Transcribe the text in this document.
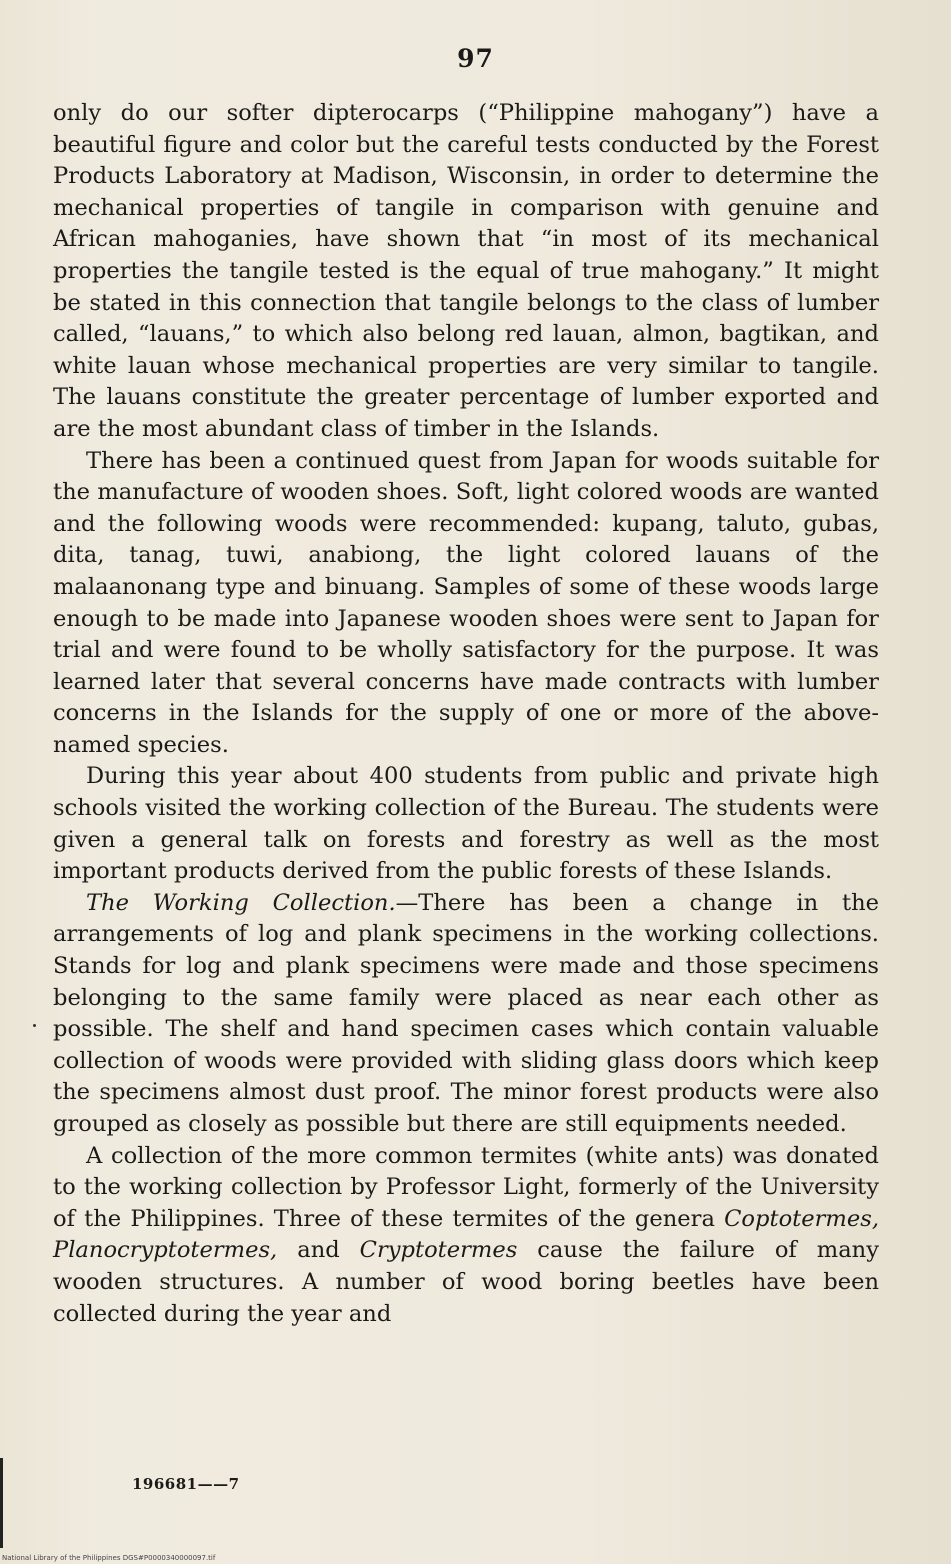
97

only do our softer dipterocarps (“Philippine mahogany”) have a beautiful figure and color but the careful tests conducted by the Forest Products Laboratory at Madison, Wisconsin, in order to determine the mechanical properties of tangile in comparison with genuine and African mahoganies, have shown that “in most of its mechanical properties the tangile tested is the equal of true mahogany.” It might be stated in this connection that tangile belongs to the class of lumber called, “lauans,” to which also belong red lauan, almon, bagtikan, and white lauan whose mechanical properties are very similar to tangile. The lauans constitute the greater percentage of lumber exported and are the most abundant class of timber in the Islands.

There has been a continued quest from Japan for woods suitable for the manufacture of wooden shoes. Soft, light colored woods are wanted and the following woods were recommended: kupang, taluto, gubas, dita, tanag, tuwi, anabiong, the light colored lauans of the malaanonang type and binuang. Samples of some of these woods large enough to be made into Japanese wooden shoes were sent to Japan for trial and were found to be wholly satisfactory for the purpose. It was learned later that several concerns have made contracts with lumber concerns in the Islands for the supply of one or more of the above-named species.

During this year about 400 students from public and private high schools visited the working collection of the Bureau. The students were given a general talk on forests and forestry as well as the most important products derived from the public forests of these Islands.

The Working Collection.—There has been a change in the arrangements of log and plank specimens in the working collections. Stands for log and plank specimens were made and those specimens belonging to the same family were placed as near each other as possible. The shelf and hand specimen cases which contain valuable collection of woods were provided with sliding glass doors which keep the specimens almost dust proof. The minor forest products were also grouped as closely as possible but there are still equipments needed.

A collection of the more common termites (white ants) was donated to the working collection by Professor Light, formerly of the University of the Philippines. Three of these termites of the genera Coptotermes, Planocryptotermes, and Cryptotermes cause the failure of many wooden structures. A number of wood boring beetles have been collected during the year and

196681——7
National Library of the Philippines DGS#P0000340000097.tif
